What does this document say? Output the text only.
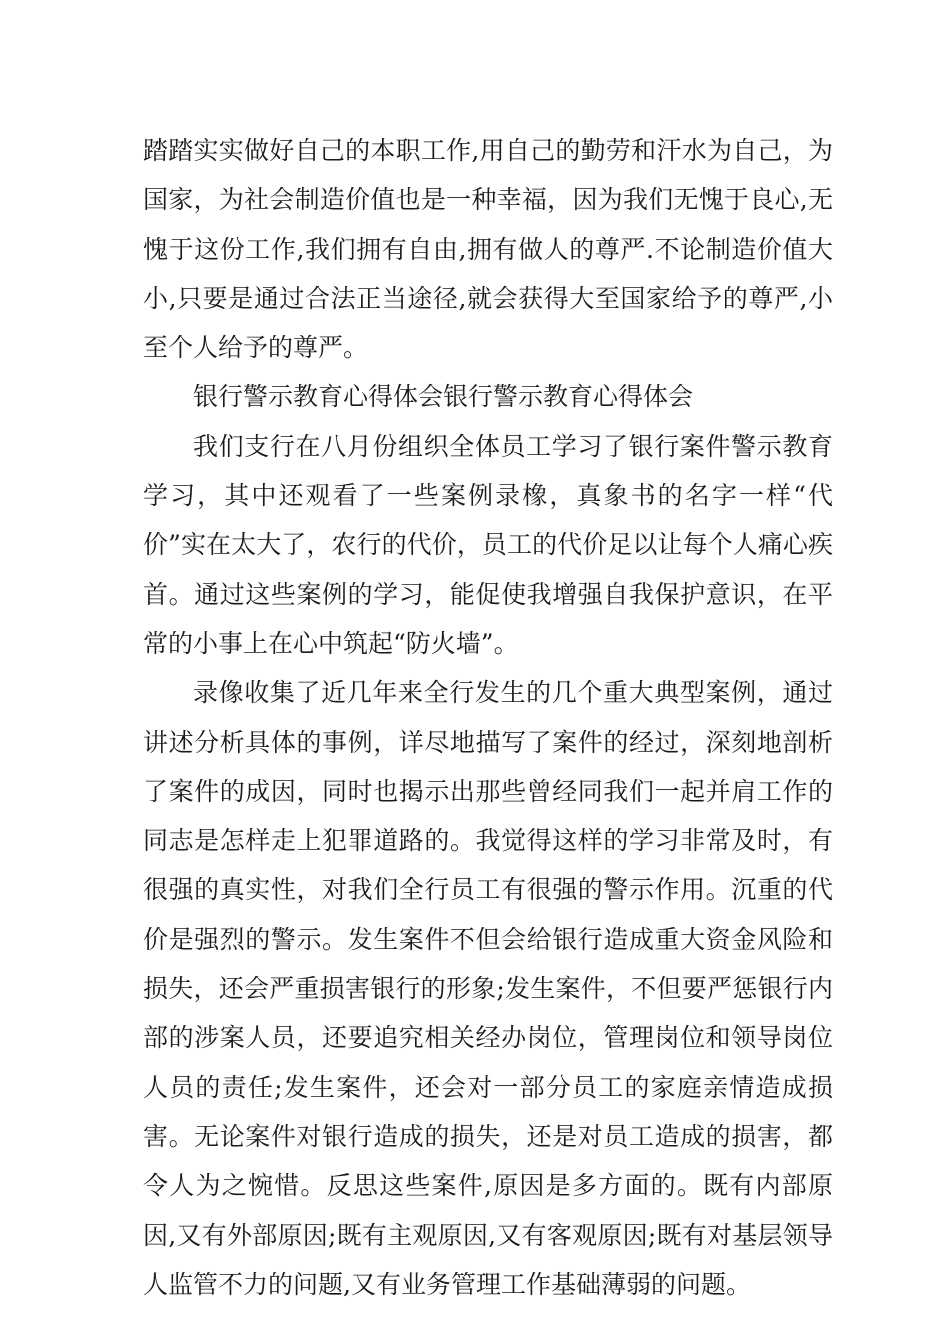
踏踏实实做好自己的本职工作,用自己的勤劳和汗水为自己，为国家，为社会制造价值也是一种幸福，因为我们无愧于良心,无愧于这份工作,我们拥有自由,拥有做人的尊严.不论制造价值大小,只要是通过合法正当途径,就会获得大至国家给予的尊严,小至个人给予的尊严。

银行警示教育心得体会银行警示教育心得体会

我们支行在八月份组织全体员工学习了银行案件警示教育学习，其中还观看了一些案例录橡，真象书的名字一样“代价”实在太大了，农行的代价，员工的代价足以让每个人痛心疾首。通过这些案例的学习，能促使我增强自我保护意识，在平常的小事上在心中筑起“防火墙”。

录像收集了近几年来全行发生的几个重大典型案例，通过讲述分析具体的事例，详尽地描写了案件的经过，深刻地剖析了案件的成因，同时也揭示出那些曾经同我们一起并肩工作的同志是怎样走上犯罪道路的。我觉得这样的学习非常及时，有很强的真实性，对我们全行员工有很强的警示作用。沉重的代价是强烈的警示。发生案件不但会给银行造成重大资金风险和损失，还会严重损害银行的形象;发生案件，不但要严惩银行内部的涉案人员，还要追究相关经办岗位，管理岗位和领导岗位人员的责任;发生案件，还会对一部分员工的家庭亲情造成损害。无论案件对银行造成的损失，还是对员工造成的损害，都令人为之惋惜。反思这些案件,原因是多方面的。既有内部原因,又有外部原因;既有主观原因,又有客观原因;既有对基层领导人监管不力的问题,又有业务管理工作基础薄弱的问题。
